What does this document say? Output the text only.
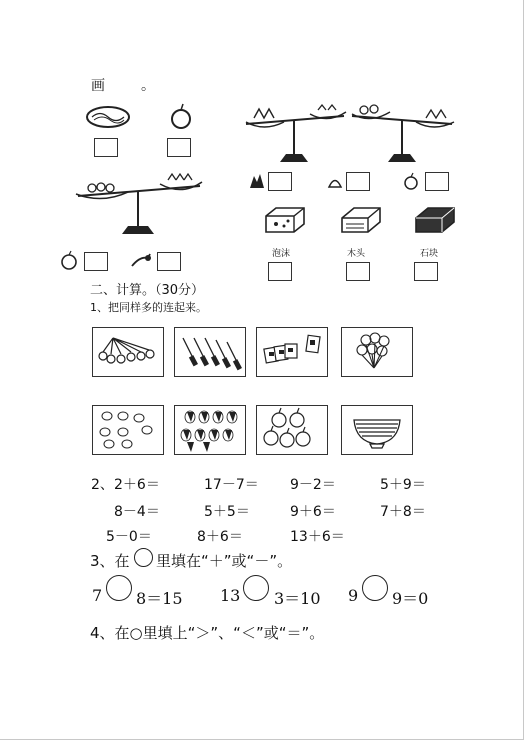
画	。
泡沫	木头	石块
二、计算。（30分）
1、把同样多的连起来。
2、 2＋6＝	17－7＝ 9－2＝	5＋9＝
8－4＝	5＋5＝	9＋6＝	7＋8＝
5－0＝	8＋6＝	13＋6＝
3、在 里填在“＋”或“－”。
7 8＝15 13 3＝10 9 9＝0
4、在○里填上“＞”、“＜”或“＝”。
